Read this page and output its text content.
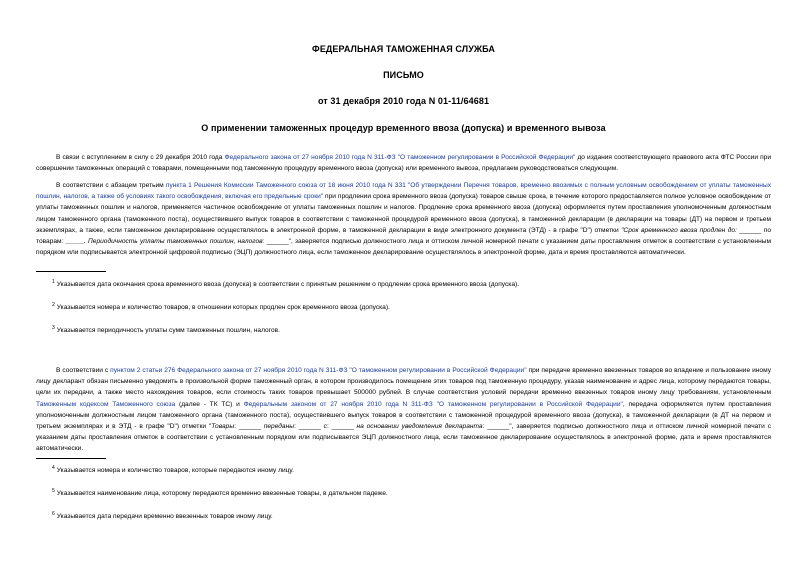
ФЕДЕРАЛЬНАЯ ТАМОЖЕННАЯ СЛУЖБА
ПИСЬМО
от 31 декабря 2010 года N 01-11/64681
О применении таможенных процедур временного ввоза (допуска) и временного вывоза

В связи с вступлением в силу с 29 декабря 2010 года Федерального закона от 27 ноября 2010 года N 311-ФЗ "О таможенном регулировании в Российской Федерации" до издания соответствующего правового акта ФТС России при совершении таможенных операций с товарами, помещенными под таможенную процедуру временного ввоза (допуска) или временного вывоза, предлагаем руководствоваться следующим.

В соответствии с абзацем третьим пункта 1 Решения Комиссии Таможенного союза от 18 июня 2010 года N 331 "Об утверждении Перечня товаров, временно ввозимых с полным условным освобождением от уплаты таможенных пошлин, налогов, а также об условиях такого освобождения, включая его предельные сроки" при продлении срока временного ввоза (допуска) товаров свыше срока, в течение которого предоставляется полное условное освобождение от уплаты таможенных пошлин и налогов, применяется частичное освобождение от уплаты таможенных пошлин и налогов. Продление срока временного ввоза (допуска) оформляется путем проставления уполномоченным должностным лицом таможенного органа (таможенного поста), осуществившего выпуск товаров в соответствии с таможенной процедурой временного ввоза (допуска), в таможенной декларации (в декларации на товары (ДТ) на первом и третьем экземплярах, а также, если таможенное декларирование осуществлялось в электронной форме, в таможенной декларации в виде электронного документа (ЭТД) - в графе "D") отметки "Срок временного ввоза продлен до: ______ по товарам: _____. Периодичность уплаты таможенных пошлин, налогов: ______", заверяется подписью должностного лица и оттиском личной номерной печати с указанием даты проставления отметок в соответствии с установленным порядком или подписывается электронной цифровой подписью (ЭЦП) должностного лица, если таможенное декларирование осуществлялось в электронной форме, дата и время проставляются автоматически.

$^1$ Указывается дата окончания срока временного ввоза (допуска) в соответствии с принятым решением о продлении срока временного ввоза (допуска).

$^2$ Указывается номера и количество товаров, в отношении которых продлен срок временного ввоза (допуска).

$^3$ Указывается периодичность уплаты сумм таможенных пошлин, налогов.

В соответствии с пунктом 2 статьи 276 Федерального закона от 27 ноября 2010 года N 311-ФЗ "О таможенном регулировании в Российской Федерации" при передаче временно ввезенных товаров во владение и пользование иному лицу декларант обязан письменно уведомить в произвольной форме таможенный орган, в котором производилось помещение этих товаров под таможенную процедуру, указав наименование и адрес лица, которому передаются товары, цели их передачи, а также место нахождения товаров, если стоимость таких товаров превышает 500000 рублей. В случае соответствия условий передачи временно ввезенных товаров иному лицу требованиям, установленным Таможенным кодексом Таможенного союза (далее - ТК ТС) и Федеральным законом от 27 ноября 2010 года N 311-ФЗ "О таможенном регулировании в Российской Федерации", передача оформляется путем проставления уполномоченным должностным лицом таможенного органа (таможенного поста), осуществившего выпуск товаров в соответствии с таможенной процедурой временного ввоза (допуска), в таможенной декларации (в ДТ на первом и третьем экземплярах и в ЭТД - в графе "D") отметки "Товары: ______ переданы: ______ с: ______ на основании уведомления декларанта: ______", заверяется подписью должностного лица и оттиском личной номерной печати с указанием даты проставления отметок в соответствии с установленным порядком или подписывается ЭЦП должностного лица, если таможенное декларирование осуществлялось в электронной форме, дата и время проставляются автоматически.

$^4$ Указывается номера и количество товаров, которые передаются иному лицу.

$^5$ Указывается наименование лица, которому передаются временно ввезенные товары, в дательном падеже.

$^6$ Указывается дата передачи временно ввезенных товаров иному лицу.
